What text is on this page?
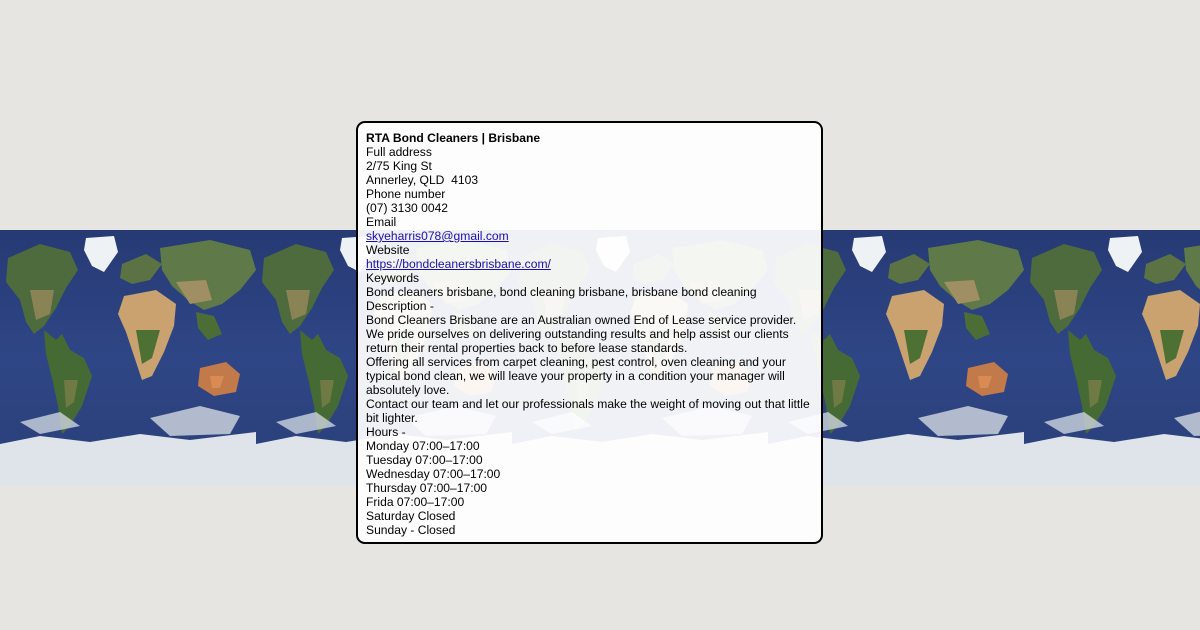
RTA Bond Cleaners | Brisbane
Full address
2/75 King St
Annerley, QLD  4103
Phone number
(07) 3130 0042
Email
skyeharris078@gmail.com
Website
https://bondcleanersbrisbane.com/
Keywords
Bond cleaners brisbane, bond cleaning brisbane, brisbane bond cleaning
Description -
Bond Cleaners Brisbane are an Australian owned End of Lease service provider. We pride ourselves on delivering outstanding results and help assist our clients return their rental properties back to before lease standards.
Offering all services from carpet cleaning, pest control, oven cleaning and your typical bond clean, we will leave your property in a condition your manager will absolutely love.
Contact our team and let our professionals make the weight of moving out that little bit lighter.
Hours -
Monday 07:00–17:00
Tuesday 07:00–17:00
Wednesday 07:00–17:00
Thursday 07:00–17:00
Frida 07:00–17:00
Saturday Closed
Sunday - Closed
